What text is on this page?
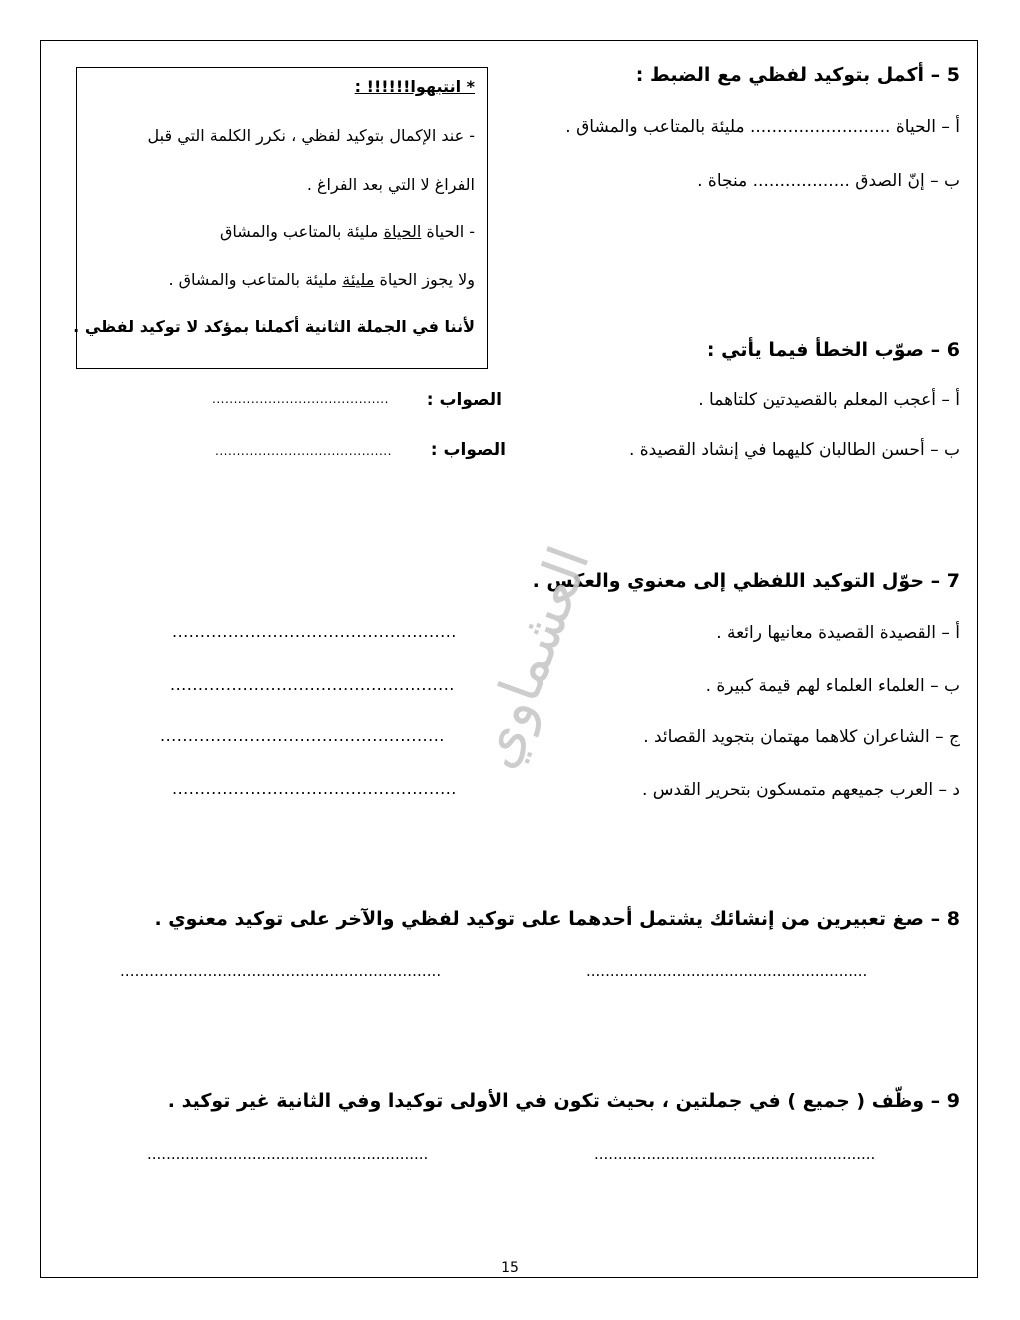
* انتبهوا!!!!!! :
- عند الإكمال بتوكيد لفظي ، نكرر الكلمة التي قبل
الفراغ لا التي بعد الفراغ .
- الحياة الحياة مليئة بالمتاعب والمشاق
ولا يجوز الحياة مليئة مليئة بالمتاعب والمشاق .
لأننا في الجملة الثانية أكملنا بمؤكد لا توكيد لفظي .
5 – أكمل بتوكيد لفظي مع الضبط :
أ – الحياة .......................... مليئة بالمتاعب والمشاق .
ب – إنّ الصدق .................. منجاة .
6 – صوّب الخطأ فيما يأتي :
أ – أعجب المعلم بالقصيدتين كلتاهما .
الصواب :
.........................................
ب – أحسن الطالبان كليهما في إنشاد القصيدة .
الصواب :
.........................................
7 – حوّل التوكيد اللفظي إلى معنوي والعكس .
أ – القصيدة القصيدة معانيها رائعة .
...................................................
ب – العلماء العلماء لهم قيمة كبيرة .
...................................................
ج – الشاعران كلاهما مهتمان بتجويد القصائد .
...................................................
د – العرب جميعهم متمسكون بتحرير القدس .
...................................................
8 – صغ تعبيرين من إنشائك يشتمل أحدهما على توكيد لفظي والآخر على توكيد معنوي .
..................................................................	...........................................................
9 – وظّف ( جميع ) في جملتين ، بحيث تكون في الأولى توكيدا وفي الثانية غير توكيد .
...........................................................	...........................................................
العشماوي
15
